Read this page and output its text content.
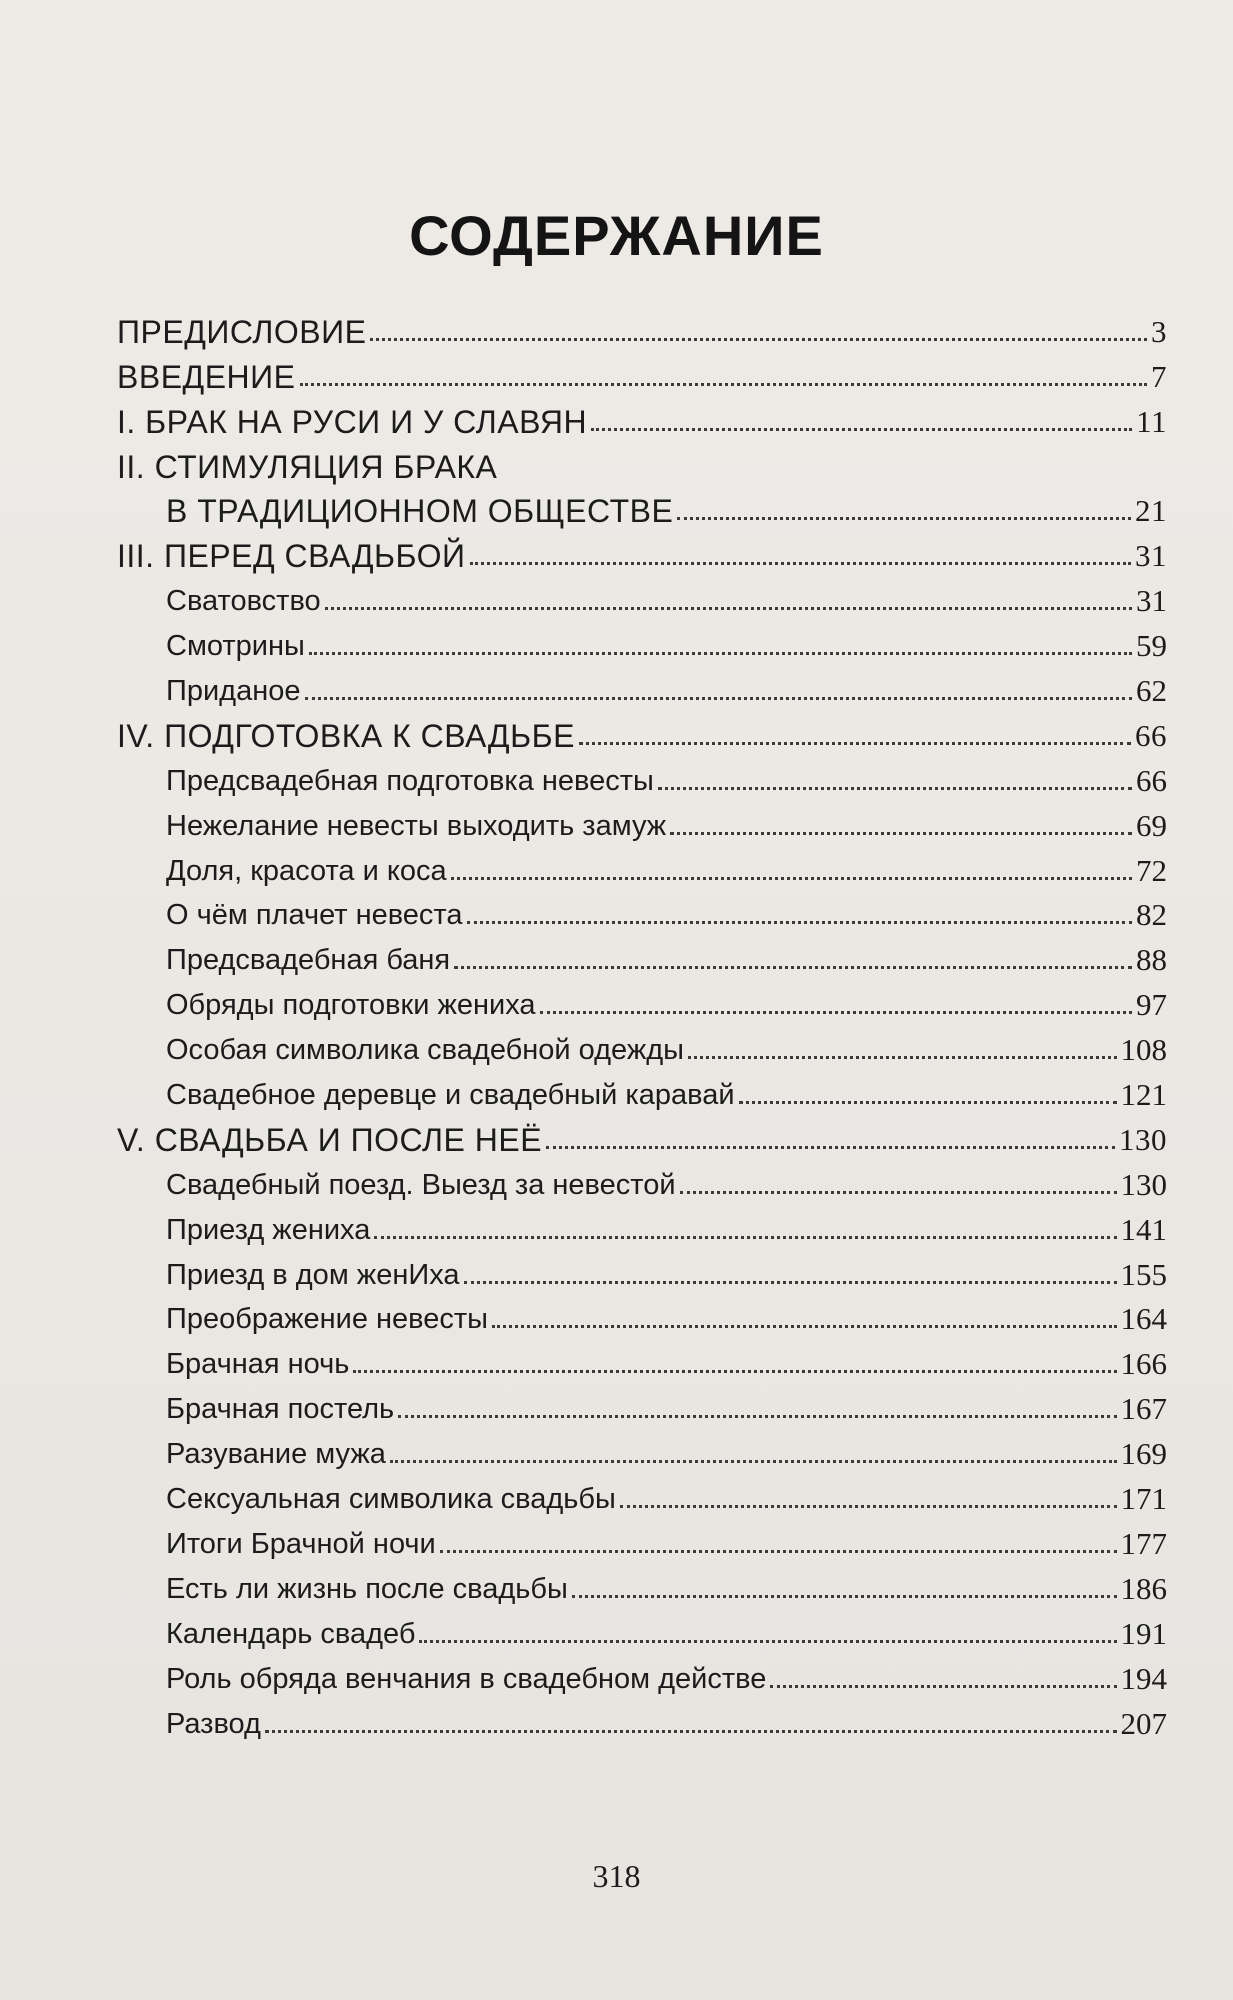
СОДЕРЖАНИЕ
ПРЕДИСЛОВИЕ	3
ВВЕДЕНИЕ	7
I. БРАК НА РУСИ И У СЛАВЯН	11
II. СТИМУЛЯЦИЯ БРАКА
В ТРАДИЦИОННОМ ОБЩЕСТВЕ	21
III. ПЕРЕД СВАДЬБОЙ	31
Сватовство	31
Смотрины	59
Приданое	62
IV. ПОДГОТОВКА К СВАДЬБЕ	66
Предсвадебная подготовка невесты	66
Нежелание невесты выходить замуж	69
Доля, красота и коса	72
О чём плачет невеста	82
Предсвадебная баня	88
Обряды подготовки жениха	97
Особая символика свадебной одежды	108
Свадебное деревце и свадебный каравай	121
V. СВАДЬБА И ПОСЛЕ НЕЁ	130
Свадебный поезд. Выезд за невестой	130
Приезд жениха	141
Приезд в дом женИха	155
Преображение невесты	164
Брачная ночь	166
Брачная постель	167
Разувание мужа	169
Сексуальная символика свадьбы	171
Итоги Брачной ночи	177
Есть ли жизнь после свадьбы	186
Календарь свадеб	191
Роль обряда венчания в свадебном действе	194
Развод	207
318
